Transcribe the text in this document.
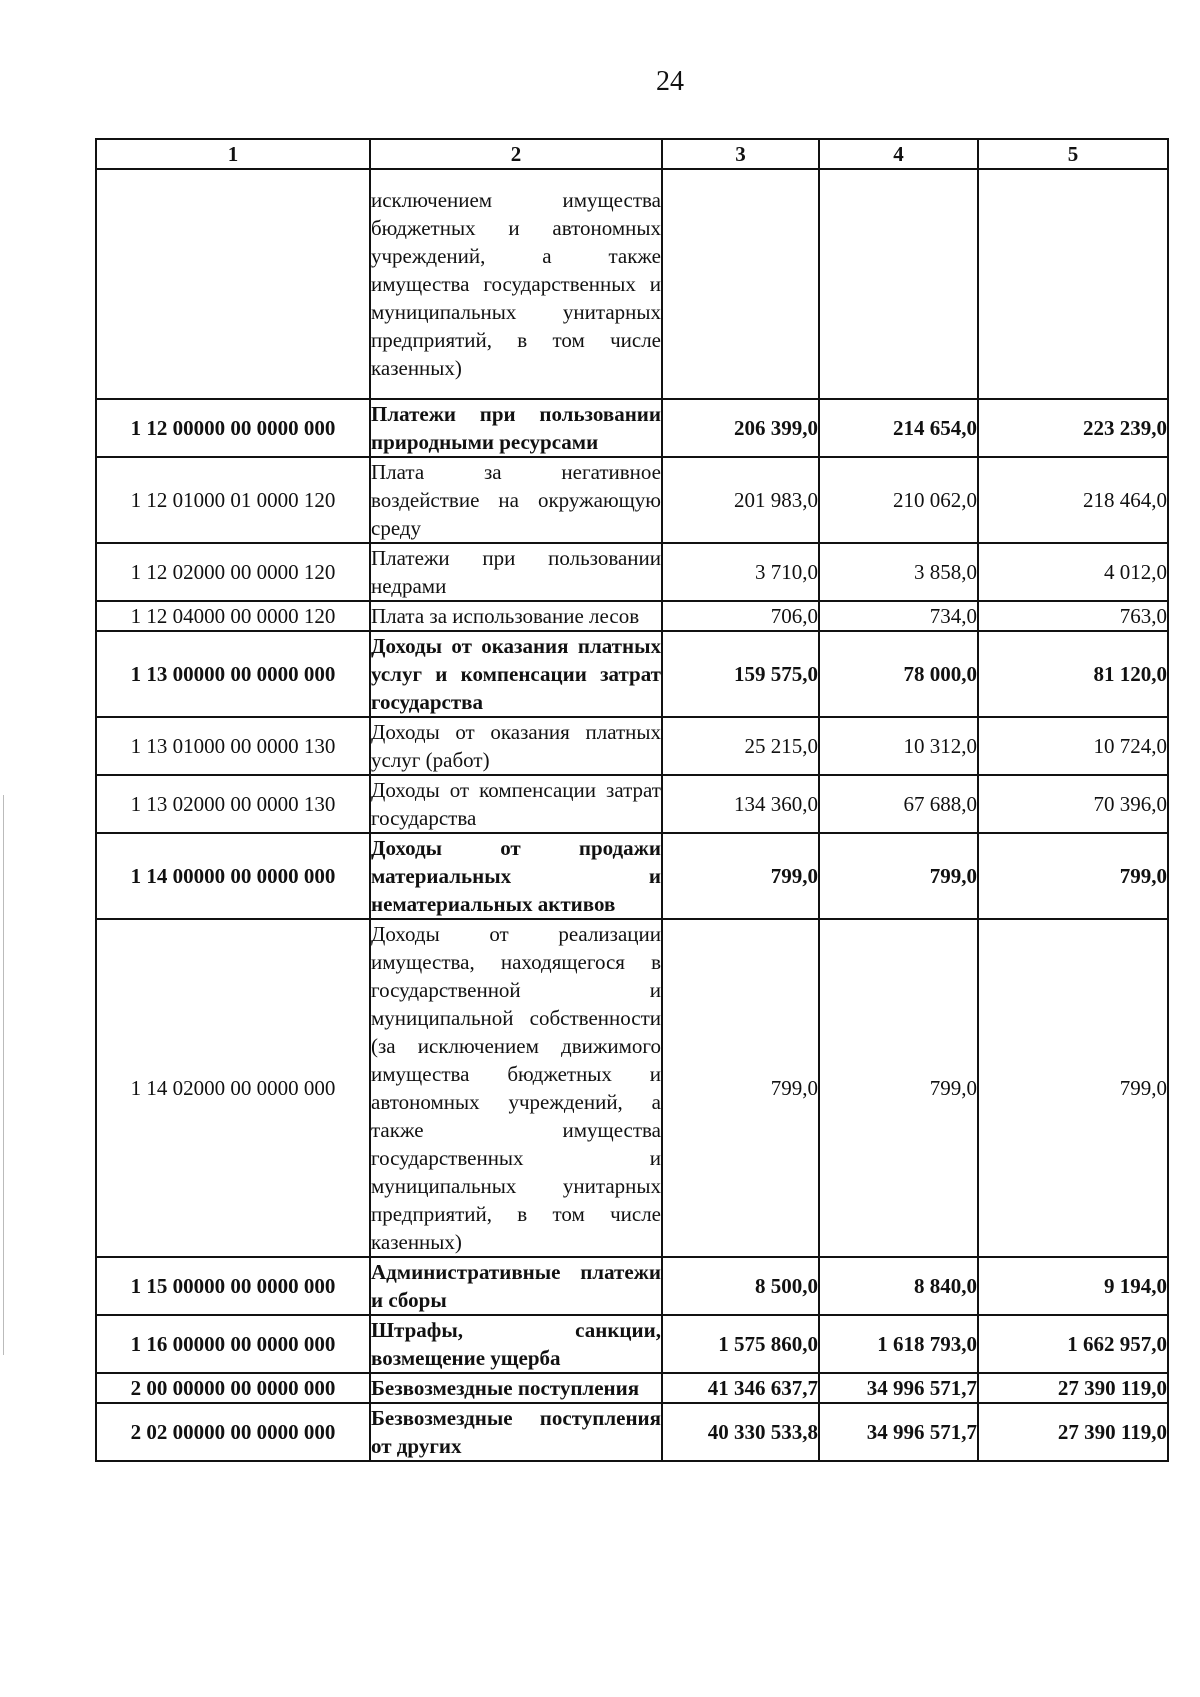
24
1	2	3	4	5
	исключением имущества бюджетных и автономных учреждений, а также имущества государственных и муниципальных унитарных предприятий, в том числе казенных)			
1 12 00000 00 0000 000	Платежи при пользовании природными ресурсами	206 399,0	214 654,0	223 239,0
1 12 01000 01 0000 120	Плата за негативное воздействие на окружающую среду	201 983,0	210 062,0	218 464,0
1 12 02000 00 0000 120	Платежи при пользовании недрами	3 710,0	3 858,0	4 012,0
1 12 04000 00 0000 120	Плата за использование лесов	706,0	734,0	763,0
1 13 00000 00 0000 000	Доходы от оказания платных услуг и компенсации затрат государства	159 575,0	78 000,0	81 120,0
1 13 01000 00 0000 130	Доходы от оказания платных услуг (работ)	25 215,0	10 312,0	10 724,0
1 13 02000 00 0000 130	Доходы от компенсации затрат государства	134 360,0	67 688,0	70 396,0
1 14 00000 00 0000 000	Доходы от продажи материальных и нематериальных активов	799,0	799,0	799,0
1 14 02000 00 0000 000	Доходы от реализации имущества, находящегося в государственной и муниципальной собственности (за исключением движимого имущества бюджетных и автономных учреждений, а также имущества государственных и муниципальных унитарных предприятий, в том числе казенных)	799,0	799,0	799,0
1 15 00000 00 0000 000	Административные платежи и сборы	8 500,0	8 840,0	9 194,0
1 16 00000 00 0000 000	Штрафы, санкции, возмещение ущерба	1 575 860,0	1 618 793,0	1 662 957,0
2 00 00000 00 0000 000	Безвозмездные поступления	41 346 637,7	34 996 571,7	27 390 119,0
2 02 00000 00 0000 000	Безвозмездные поступления от других	40 330 533,8	34 996 571,7	27 390 119,0
